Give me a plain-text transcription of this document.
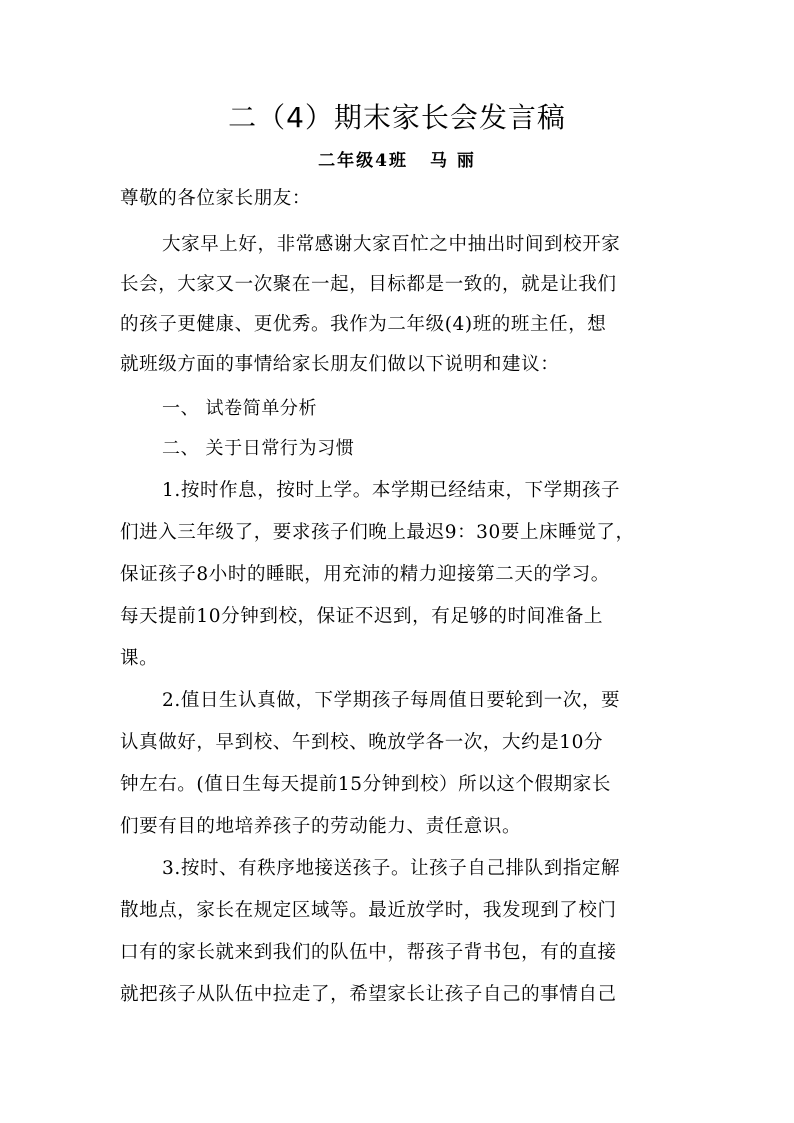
二（4）期末家长会发言稿
二年级4班 马 丽
尊敬的各位家长朋友：
大家早上好，非常感谢大家百忙之中抽出时间到校开家
长会，大家又一次聚在一起，目标都是一致的，就是让我们
的孩子更健康、更优秀。我作为二年级(4)班的班主任，想
就班级方面的事情给家长朋友们做以下说明和建议：
一、 试卷简单分析
二、 关于日常行为习惯
1.按时作息，按时上学。本学期已经结束，下学期孩子
们进入三年级了，要求孩子们晚上最迟9：30要上床睡觉了，
保证孩子8小时的睡眠，用充沛的精力迎接第二天的学习。
每天提前10分钟到校，保证不迟到，有足够的时间准备上
课。
2.值日生认真做，下学期孩子每周值日要轮到一次，要
认真做好，早到校、午到校、晚放学各一次，大约是10分
钟左右。(值日生每天提前15分钟到校）所以这个假期家长
们要有目的地培养孩子的劳动能力、责任意识。
3.按时、有秩序地接送孩子。让孩子自己排队到指定解
散地点，家长在规定区域等。最近放学时，我发现到了校门
口有的家长就来到我们的队伍中，帮孩子背书包，有的直接
就把孩子从队伍中拉走了，希望家长让孩子自己的事情自己
